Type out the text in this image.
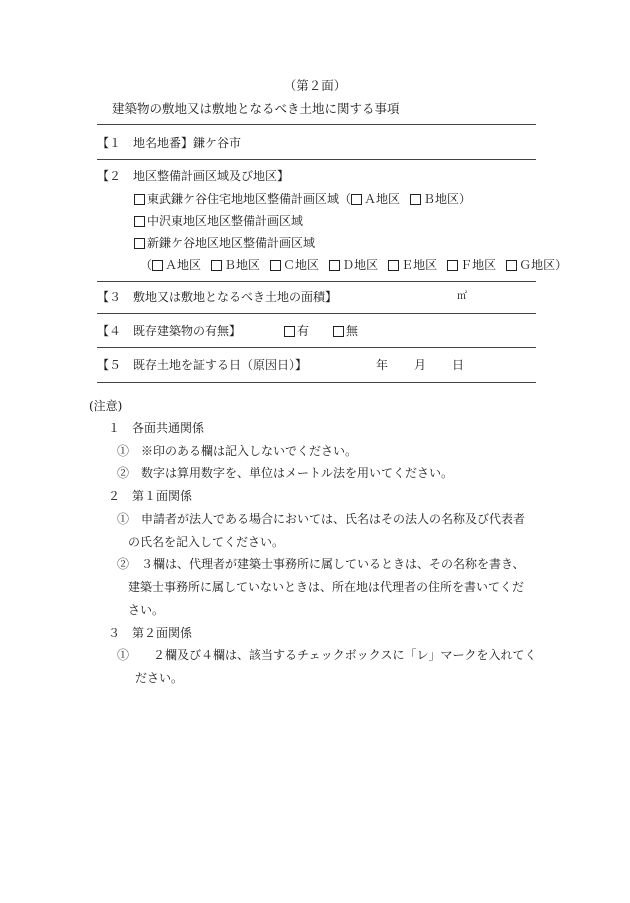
（第２面）
建築物の敷地又は敷地となるべき土地に関する事項
【１　地名地番】鎌ケ谷市
【２　地区整備計画区域及び地区】
東武鎌ケ谷住宅地地区整備計画区域（ Ａ地区 Ｂ地区 ）
中沢東地区地区整備計画区域
新鎌ケ谷地区地区整備計画区域
（ Ａ地区 Ｂ地区 Ｃ地区 Ｄ地区 Ｅ地区 Ｆ地区 Ｇ地区 ）
【３　敷地又は敷地となるべき土地の面積】	㎡
【４　既存建築物の有無】	有	無
【５　既存土地を証する日（原因日）】	年 月 日
(注意)
１　各面共通関係
①　※印のある欄は記入しないでください。
②　数字は算用数字を、単位はメートル法を用いてください。
２　第１面関係
①　申請者が法人である場合においては、氏名はその法人の名称及び代表者
の氏名を記入してください。
②　３欄は、代理者が建築士事務所に属しているときは、その名称を書き、
建築士事務所に属していないときは、所在地は代理者の住所を書いてくだ
さい。
３　第２面関係
①　　２欄及び４欄は、該当するチェックボックスに「レ」マークを入れてく
ださい。
